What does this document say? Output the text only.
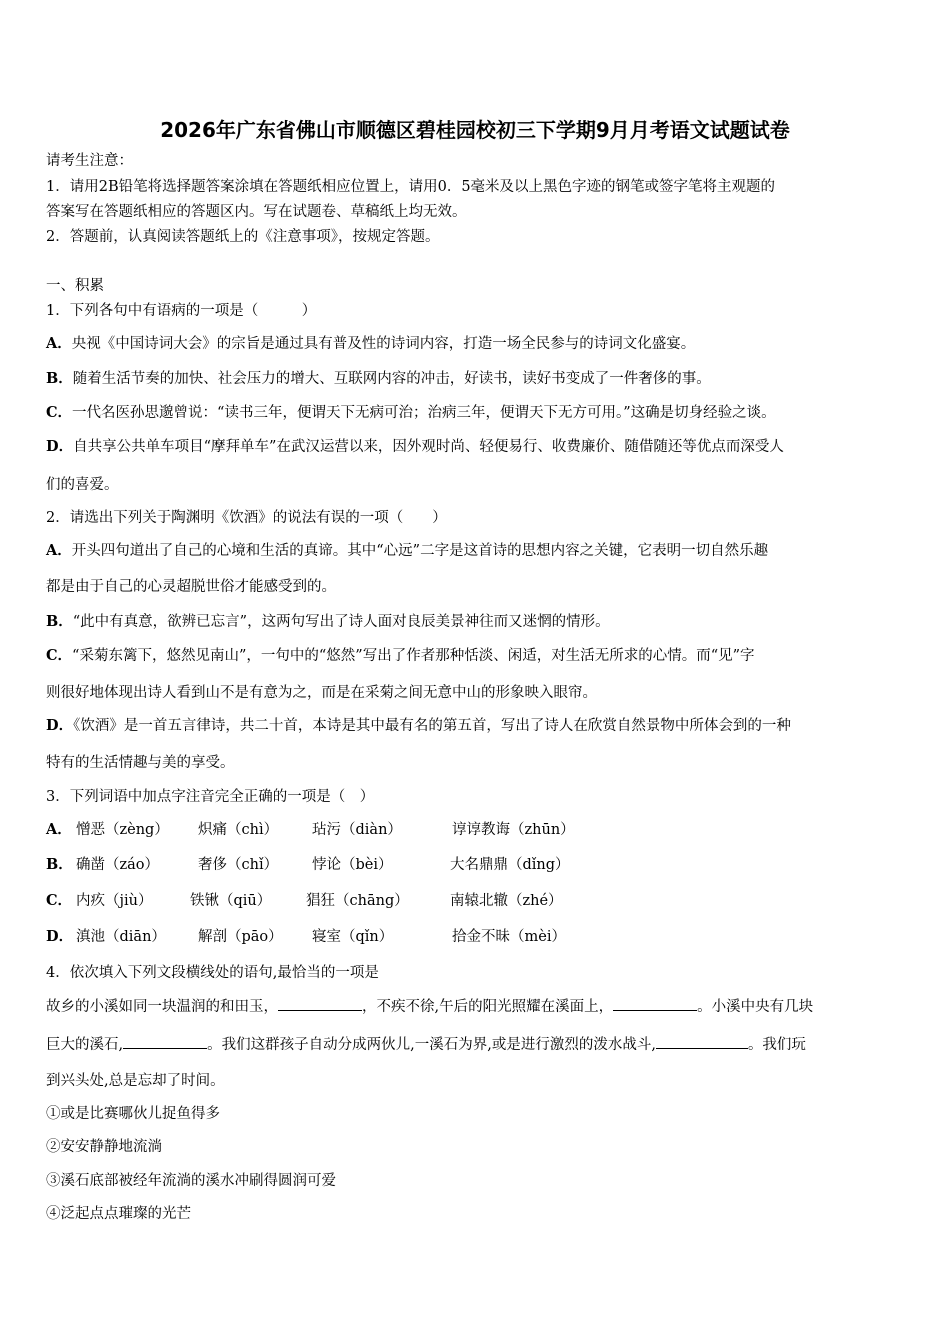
2026年广东省佛山市顺德区碧桂园校初三下学期9月月考语文试题试卷
请考生注意：
1．请用2B铅笔将选择题答案涂填在答题纸相应位置上，请用0．5毫米及以上黑色字迹的钢笔或签字笔将主观题的
答案写在答题纸相应的答题区内。写在试题卷、草稿纸上均无效。
2．答题前，认真阅读答题纸上的《注意事项》，按规定答题。
一、积累
1．下列各句中有语病的一项是（　　　）
A．央视《中国诗词大会》的宗旨是通过具有普及性的诗词内容，打造一场全民参与的诗词文化盛宴。
B．随着生活节奏的加快、社会压力的增大、互联网内容的冲击，好读书，读好书变成了一件奢侈的事。
C．一代名医孙思邈曾说：“读书三年，便谓天下无病可治；治病三年，便谓天下无方可用。”这确是切身经验之谈。
D．自共享公共单车项目“摩拜单车”在武汉运营以来，因外观时尚、轻便易行、收费廉价、随借随还等优点而深受人
们的喜爱。
2．请选出下列关于陶渊明《饮酒》的说法有误的一项（　　）
A．开头四句道出了自己的心境和生活的真谛。其中“心远”二字是这首诗的思想内容之关键，它表明一切自然乐趣
都是由于自己的心灵超脱世俗才能感受到的。
B．“此中有真意，欲辨已忘言”，这两句写出了诗人面对良辰美景神往而又迷惘的情形。
C．“采菊东篱下，悠然见南山”，一句中的“悠然”写出了作者那种恬淡、闲适，对生活无所求的心情。而“见”字
则很好地体现出诗人看到山不是有意为之，而是在采菊之间无意中山的形象映入眼帘。
D．《饮酒》是一首五言律诗，共二十首，本诗是其中最有名的第五首，写出了诗人在欣赏自然景物中所体会到的一种
特有的生活情趣与美的享受。
3．下列词语中加点字注音完全正确的一项是（　）
A． 憎恶（zèng） 炽痛（chì） 玷污（diàn）	谆谆教诲（zhūn）
B． 确凿（záo）	奢侈（chǐ） 悖论（bèi）	大名鼎鼎（dǐng）
C． 内疚（jiù）	铁锹（qiū） 猖狂（chāng）	南辕北辙（zhé）
D． 滇池（diān） 解剖（pāo） 寝室（qǐn）	拾金不昧（mèi）
4．依次填入下列文段横线处的语句,最恰当的一项是
故乡的小溪如同一块温润的和田玉，	，不疾不徐,午后的阳光照耀在溪面上，	。小溪中央有几块
巨大的溪石,	。我们这群孩子自动分成两伙儿,一溪石为界,或是进行激烈的泼水战斗,	。我们玩
到兴头处,总是忘却了时间。
①或是比赛哪伙儿捉鱼得多
②安安静静地流淌
③溪石底部被经年流淌的溪水冲刷得圆润可爱
④泛起点点璀璨的光芒
